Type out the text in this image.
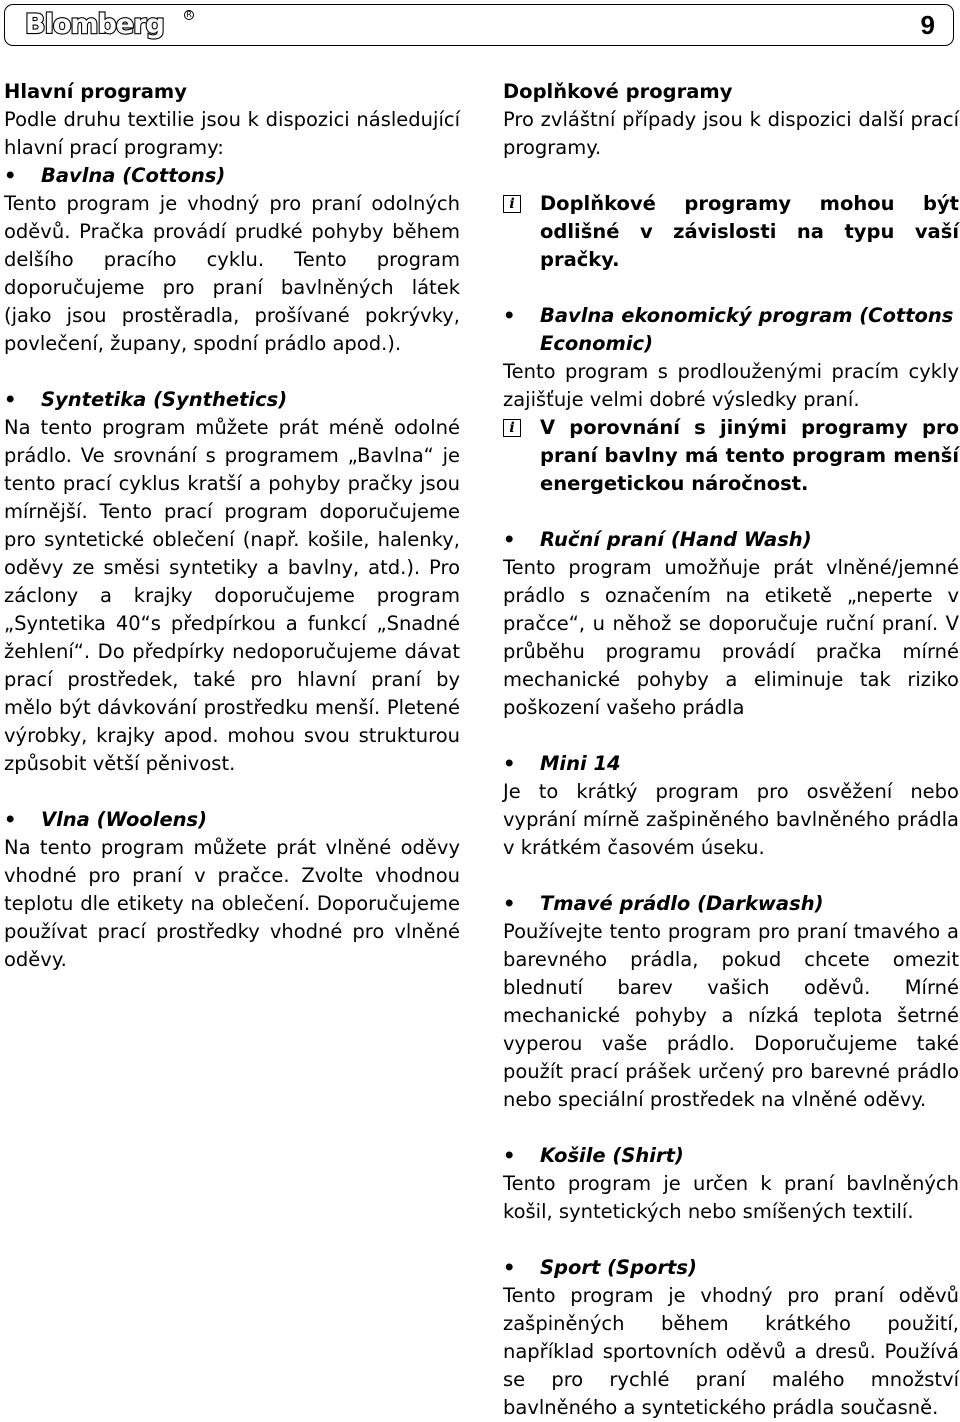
Blomberg	R	9
Hlavní programy
Podle druhu textilie jsou k dispozici následující hlavní prací programy:
• Bavlna (Cottons)
Tento program je vhodný pro praní odolných oděvů. Pračka provádí prudké pohyby během delšího pracího cyklu. Tento program doporučujeme pro praní bavlněných látek (jako jsou prostěradla, prošívané pokrývky, povlečení, župany, spodní prádlo apod.).
• Syntetika (Synthetics)
Na tento program můžete prát méně odolné prádlo. Ve srovnání s programem „Bavlna“ je tento prací cyklus kratší a pohyby pračky jsou mírnější. Tento prací program doporučujeme pro syntetické oblečení (např. košile, halenky, oděvy ze směsi syntetiky a bavlny, atd.). Pro záclony a krajky doporučujeme program „Syntetika 40“s předpírkou a funkcí „Snadné žehlení“. Do předpírky nedoporučujeme dávat prací prostředek, také pro hlavní praní by mělo být dávkování prostředku menší. Pletené výrobky, krajky apod. mohou svou strukturou způsobit větší pěnivost.
• Vlna (Woolens)
Na tento program můžete prát vlněné oděvy vhodné pro praní v pračce. Zvolte vhodnou teplotu dle etikety na oblečení. Doporučujeme používat prací prostředky vhodné pro vlněné oděvy.
Doplňkové programy
Pro zvláštní případy jsou k dispozici další prací programy.
i	Doplňkové programy mohou být odlišné v závislosti na typu vaší pračky.
• Bavlna ekonomický program (Cottons Economic)
Tento program s prodlouženými pracím cykly zajišťuje velmi dobré výsledky praní.
i	V porovnání s jinými programy pro praní bavlny má tento program menší energetickou náročnost.
• Ruční praní (Hand Wash)
Tento program umožňuje prát vlněné/jemné prádlo s označením na etiketě „neperte v pračce“, u něhož se doporučuje ruční praní. V průběhu programu provádí pračka mírné mechanické pohyby a eliminuje tak riziko poškození vašeho prádla
• Mini 14
Je to krátký program pro osvěžení nebo vyprání mírně zašpiněného bavlněného prádla v krátkém časovém úseku.
• Tmavé prádlo (Darkwash)
Používejte tento program pro praní tmavého a barevného prádla, pokud chcete omezit blednutí barev vašich oděvů. Mírné mechanické pohyby a nízká teplota šetrné vyperou vaše prádlo. Doporučujeme také použít prací prášek určený pro barevné prádlo nebo speciální prostředek na vlněné oděvy.
• Košile (Shirt)
Tento program je určen k praní bavlněných košil, syntetických nebo smíšených textilí.
• Sport (Sports)
Tento program je vhodný pro praní oděvů zašpiněných během krátkého použití, například sportovních oděvů a dresů. Používá se pro rychlé praní malého množství bavlněného a syntetického prádla současně.
